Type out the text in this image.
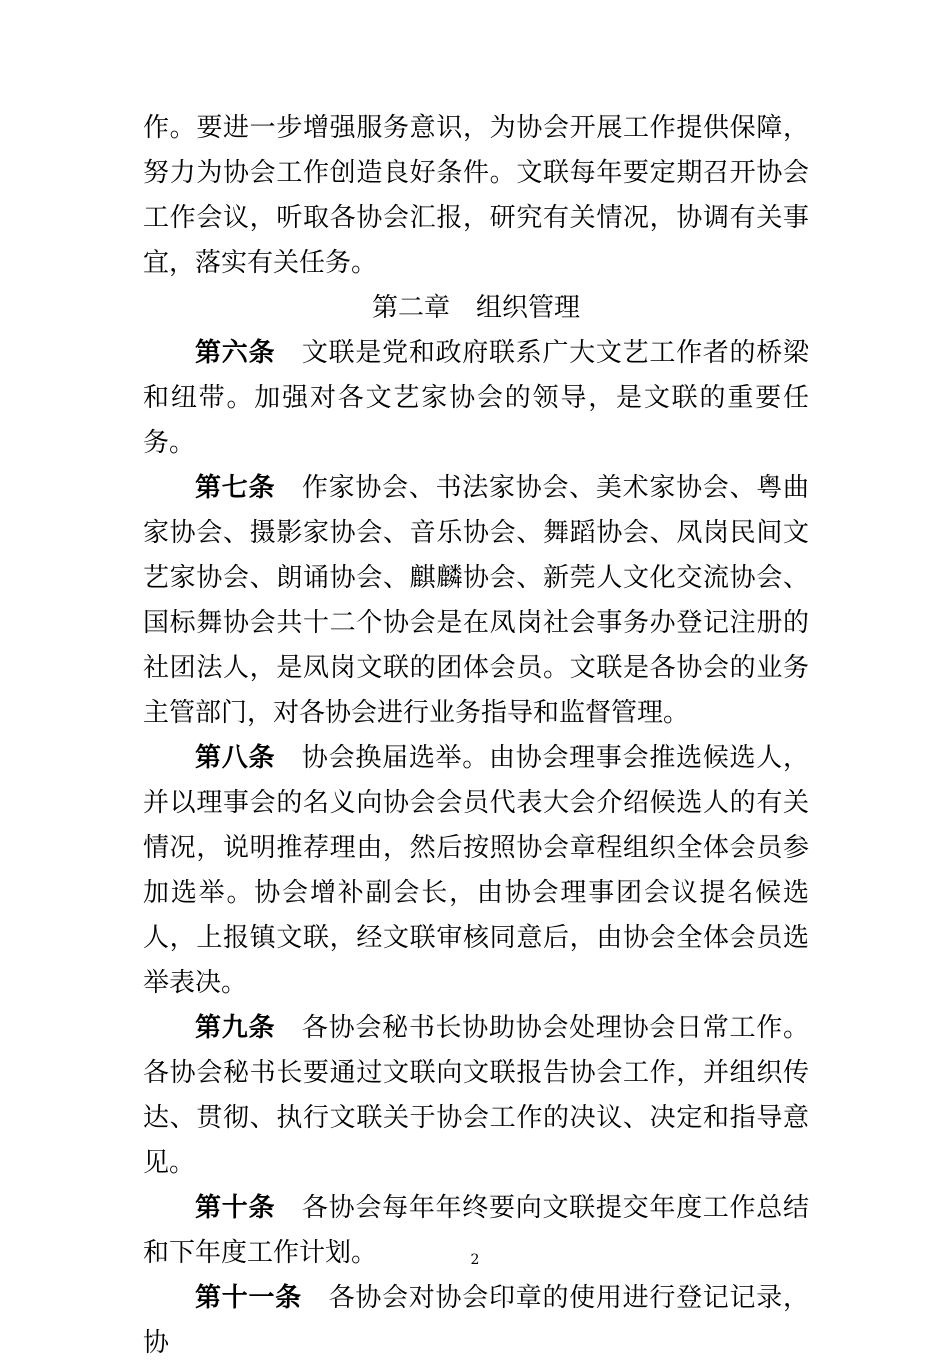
作。要进一步增强服务意识，为协会开展工作提供保障，努力为协会工作创造良好条件。文联每年要定期召开协会工作会议，听取各协会汇报，研究有关情况，协调有关事宜，落实有关任务。

第二章 组织管理

第六条 文联是党和政府联系广大文艺工作者的桥梁和纽带。加强对各文艺家协会的领导，是文联的重要任务。

第七条 作家协会、书法家协会、美术家协会、粤曲家协会、摄影家协会、音乐协会、舞蹈协会、凤岗民间文艺家协会、朗诵协会、麒麟协会、新莞人文化交流协会、国标舞协会共十二个协会是在凤岗社会事务办登记注册的社团法人，是凤岗文联的团体会员。文联是各协会的业务主管部门，对各协会进行业务指导和监督管理。

第八条 协会换届选举。由协会理事会推选候选人，并以理事会的名义向协会会员代表大会介绍候选人的有关情况，说明推荐理由，然后按照协会章程组织全体会员参加选举。协会增补副会长，由协会理事团会议提名候选人，上报镇文联，经文联审核同意后，由协会全体会员选举表决。

第九条 各协会秘书长协助协会处理协会日常工作。各协会秘书长要通过文联向文联报告协会工作，并组织传达、贯彻、执行文联关于协会工作的决议、决定和指导意见。

第十条 各协会每年年终要向文联提交年度工作总结和下年度工作计划。

第十一条 各协会对协会印章的使用进行登记记录，协

2
